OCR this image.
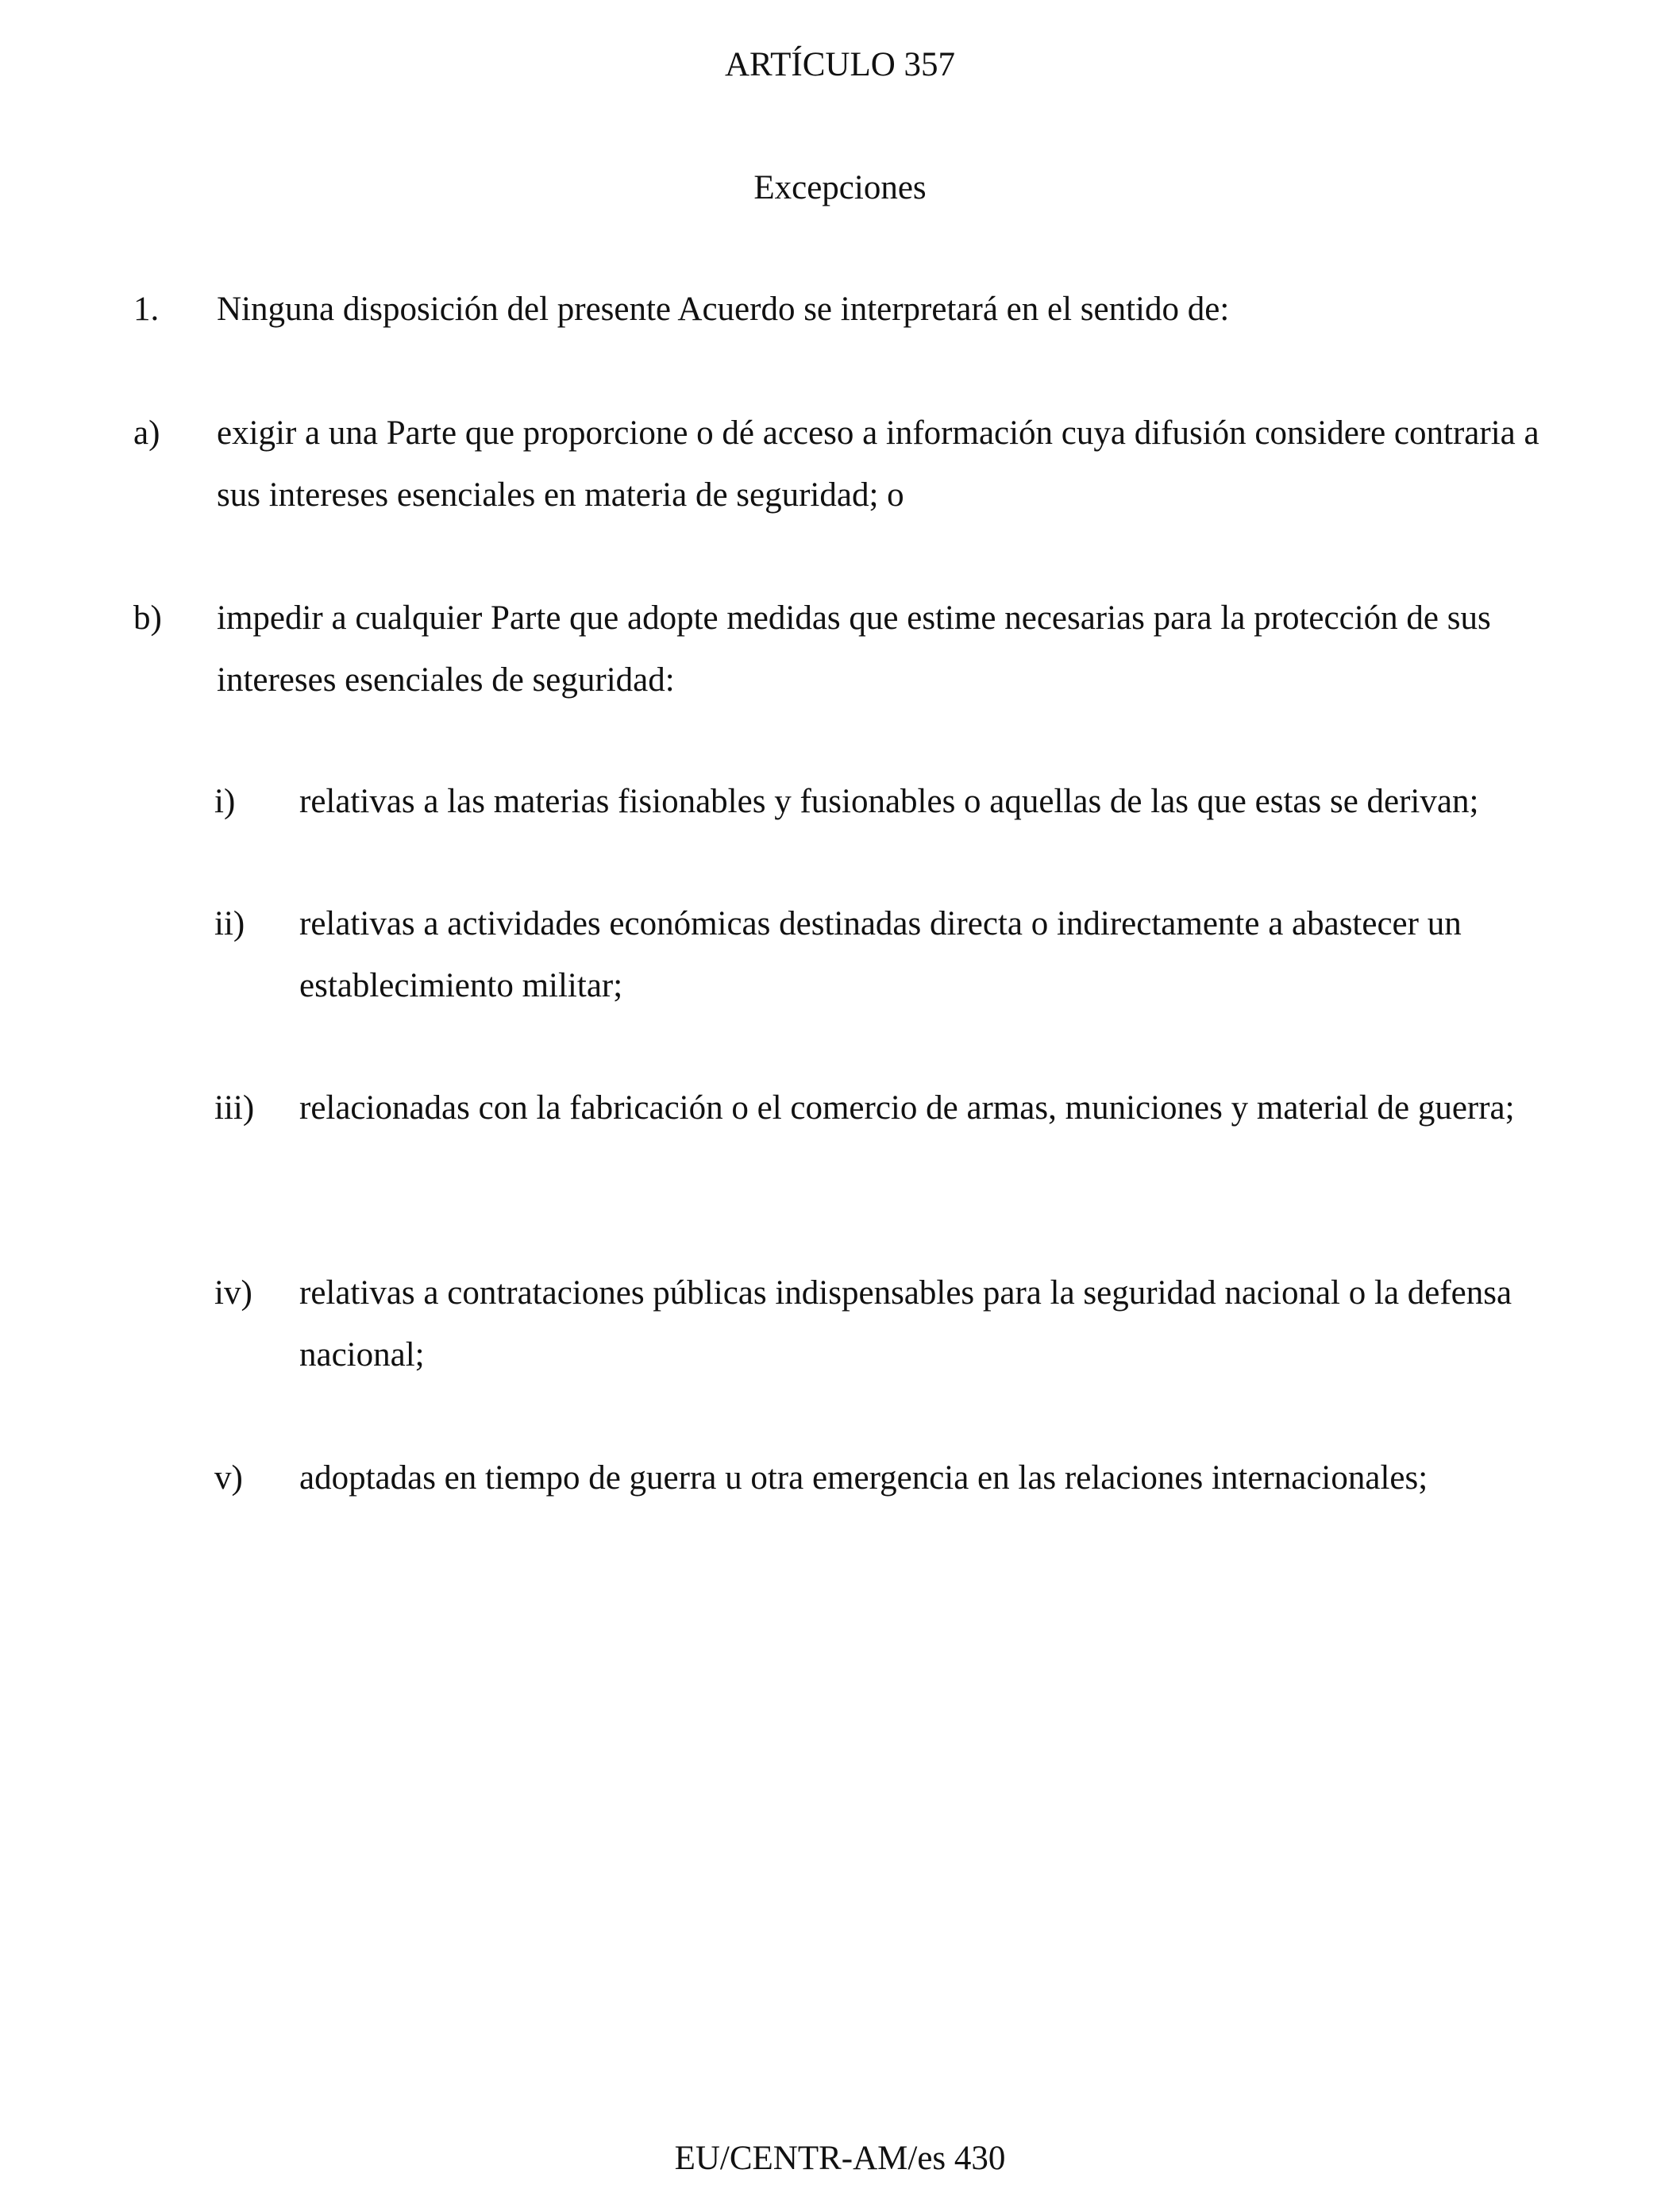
ARTÍCULO 357
Excepciones
1. Ninguna disposición del presente Acuerdo se interpretará en el sentido de:
a) exigir a una Parte que proporcione o dé acceso a información cuya difusión considere contraria a sus intereses esenciales en materia de seguridad; o
b) impedir a cualquier Parte que adopte medidas que estime necesarias para la protección de sus intereses esenciales de seguridad:
i) relativas a las materias fisionables y fusionables o aquellas de las que estas se derivan;
ii) relativas a actividades económicas destinadas directa o indirectamente a abastecer un establecimiento militar;
iii) relacionadas con la fabricación o el comercio de armas, municiones y material de guerra;
iv) relativas a contrataciones públicas indispensables para la seguridad nacional o la defensa nacional;
v) adoptadas en tiempo de guerra u otra emergencia en las relaciones internacionales;
EU/CENTR-AM/es 430
